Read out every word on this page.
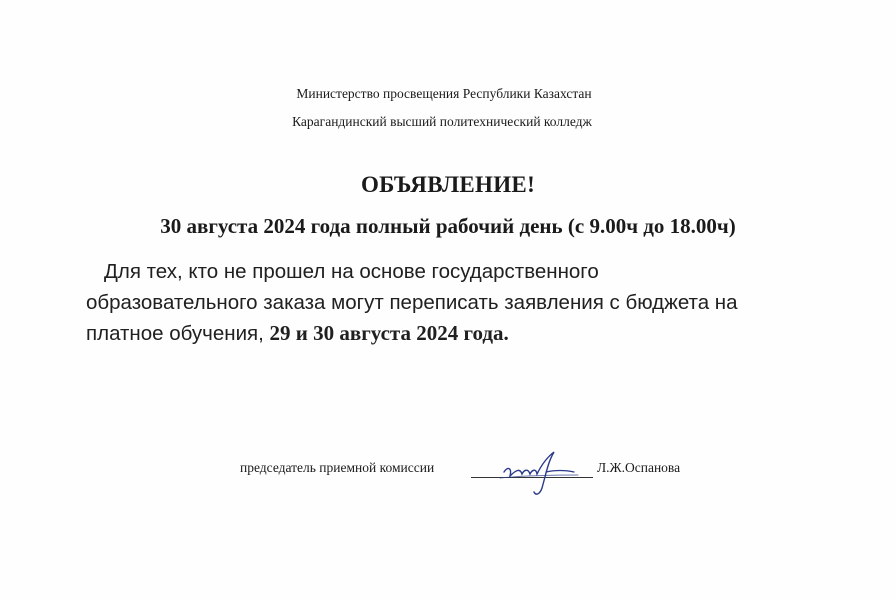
Министерство просвещения Республики Казахстан
Карагандинский высший политехнический колледж
ОБЪЯВЛЕНИЕ!
30 августа 2024 года полный рабочий день (с 9.00ч до 18.00ч)
Для тех, кто не прошел на основе государственного
образовательного заказа могут переписать заявления с бюджета на
платное обучения, 29 и 30 августа 2024 года.
председатель приемной комиссии	Л.Ж.Оспанова
